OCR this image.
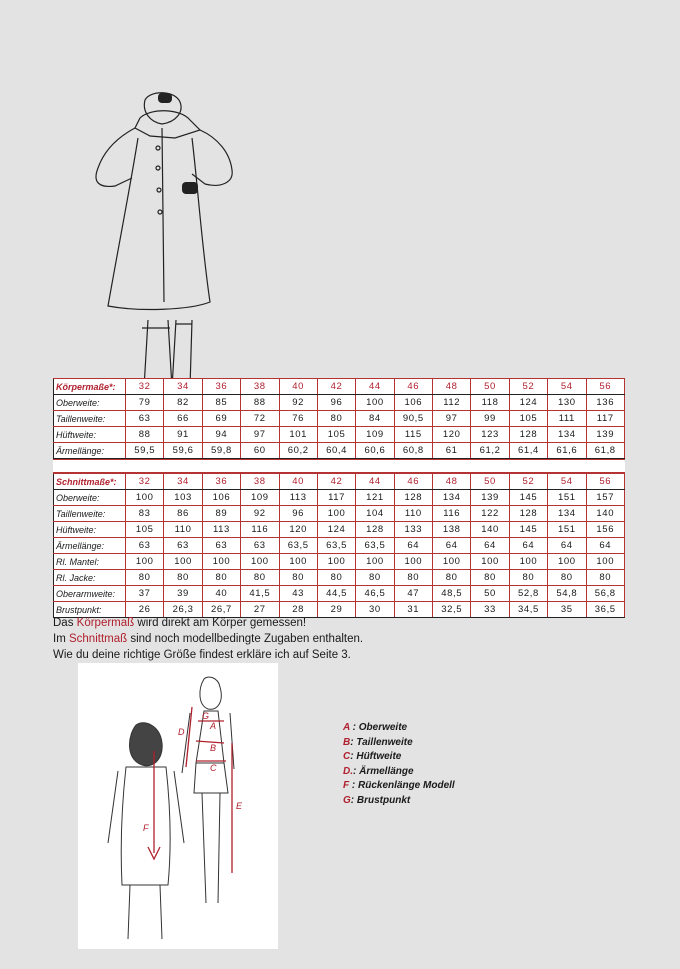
Körpermaße*:	32	34	36	38	40	42	44	46	48	50	52	54	56
Oberweite:	79	82	85	88	92	96	100	106	112	118	124	130	136
Taillenweite:	63	66	69	72	76	80	84	90,5	97	99	105	111	117
Hüftweite:	88	91	94	97	101	105	109	115	120	123	128	134	139
Ärmellänge:	59,5	59,6	59,8	60	60,2	60,4	60,6	60,8	61	61,2	61,4	61,6	61,8
Schnittmaße*:	32	34	36	38	40	42	44	46	48	50	52	54	56
Oberweite:	100	103	106	109	113	117	121	128	134	139	145	151	157
Taillenweite:	83	86	89	92	96	100	104	110	116	122	128	134	140
Hüftweite:	105	110	113	116	120	124	128	133	138	140	145	151	156
Ärmellänge:	63	63	63	63	63,5	63,5	63,5	64	64	64	64	64	64
Rl. Mantel:	100	100	100	100	100	100	100	100	100	100	100	100	100
Rl. Jacke:	80	80	80	80	80	80	80	80	80	80	80	80	80
Oberarmweite:	37	39	40	41,5	43	44,5	46,5	47	48,5	50	52,8	54,8	56,8
Brustpunkt:	26	26,3	26,7	27	28	29	30	31	32,5	33	34,5	35	36,5
Das Körpermaß wird direkt am Körper gemessen!
Im Schnittmaß sind noch modellbedingte Zugaben enthalten.
Wie du deine richtige Größe findest erkläre ich auf Seite 3.
F
G
A
B
C
D
E
A : Oberweite
B: Taillenweite
C: Hüftweite
D.: Ärmellänge
F : Rückenlänge Modell
G: Brustpunkt
